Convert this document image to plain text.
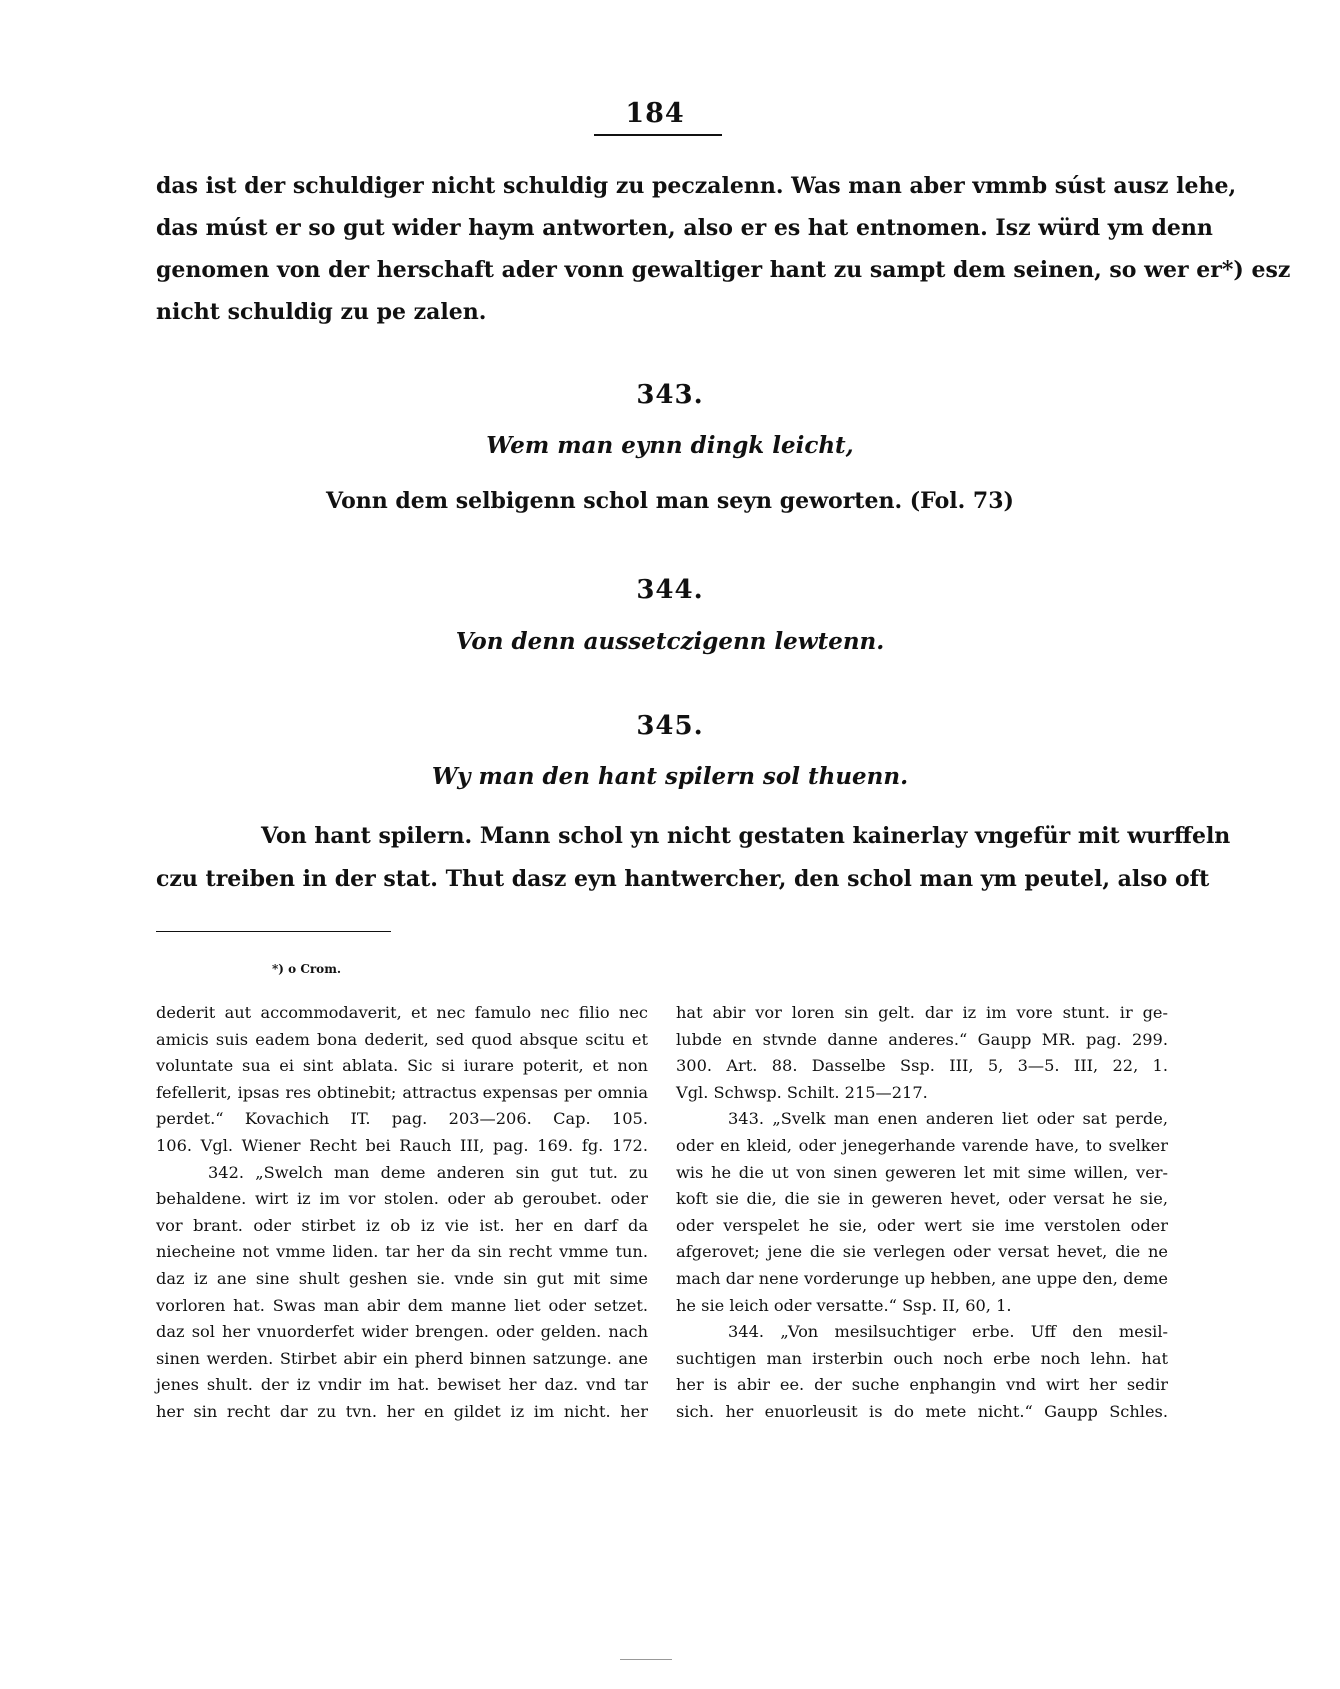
184
das ist der schuldiger nicht schuldig zu peczalenn. Was man aber vmmb súst ausz lehe,
das múst er so gut wider haym antworten, also er es hat entnomen. Isz würd ym denn
genomen von der herschaft ader vonn gewaltiger hant zu sampt dem seinen, so wer er*) esz
nicht schuldig zu pe zalen.
343.
Wem man eynn dingk leicht,
Vonn dem selbigenn schol man seyn geworten. (Fol. 73)
344.
Von denn aussetczigenn lewtenn.
345.
Wy man den hant spilern sol thuenn.
Von hant spilern. Mann schol yn nicht gestaten kainerlay vngefür mit wurffeln
czu treiben in der stat. Thut dasz eyn hantwercher, den schol man ym peutel, also oft
*) o Crom.
dederit aut accommodaverit, et nec famulo nec filio nec
amicis suis eadem bona dederit, sed quod absque scitu et
voluntate sua ei sint ablata. Sic si iurare poterit, et non
fefellerit, ipsas res obtinebit; attractus expensas per omnia
perdet.“ Kovachich IT. pag. 203—206. Cap. 105.
106. Vgl. Wiener Recht bei Rauch III, pag. 169. fg. 172.
342. „Swelch man deme anderen sin gut tut. zu
behaldene. wirt iz im vor stolen. oder ab geroubet. oder
vor brant. oder stirbet iz ob iz vie ist. her en darf da
niecheine not vmme liden. tar her da sin recht vmme tun.
daz iz ane sine shult geshen sie. vnde sin gut mit sime
vorloren hat. Swas man abir dem manne liet oder setzet.
daz sol her vnuorderfet wider brengen. oder gelden. nach
sinen werden. Stirbet abir ein pherd binnen satzunge. ane
jenes shult. der iz vndir im hat. bewiset her daz. vnd tar
her sin recht dar zu tvn. her en gildet iz im nicht. her
hat abir vor loren sin gelt. dar iz im vore stunt. ir ge-
lubde en stvnde danne anderes.“ Gaupp MR. pag. 299.
300. Art. 88. Dasselbe Ssp. III, 5, 3—5. III, 22, 1.
Vgl. Schwsp. Schilt. 215—217.
343. „Svelk man enen anderen liet oder sat perde,
oder en kleid, oder jenegerhande varende have, to svelker
wis he die ut von sinen geweren let mit sime willen, ver-
koft sie die, die sie in geweren hevet, oder versat he sie,
oder verspelet he sie, oder wert sie ime verstolen oder
afgerovet; jene die sie verlegen oder versat hevet, die ne
mach dar nene vorderunge up hebben, ane uppe den, deme
he sie leich oder versatte.“ Ssp. II, 60, 1.
344. „Von mesilsuchtiger erbe. Uff den mesil-
suchtigen man irsterbin ouch noch erbe noch lehn. hat
her is abir ee. der suche enphangin vnd wirt her sedir
sich. her enuorleusit is do mete nicht.“ Gaupp Schles.
